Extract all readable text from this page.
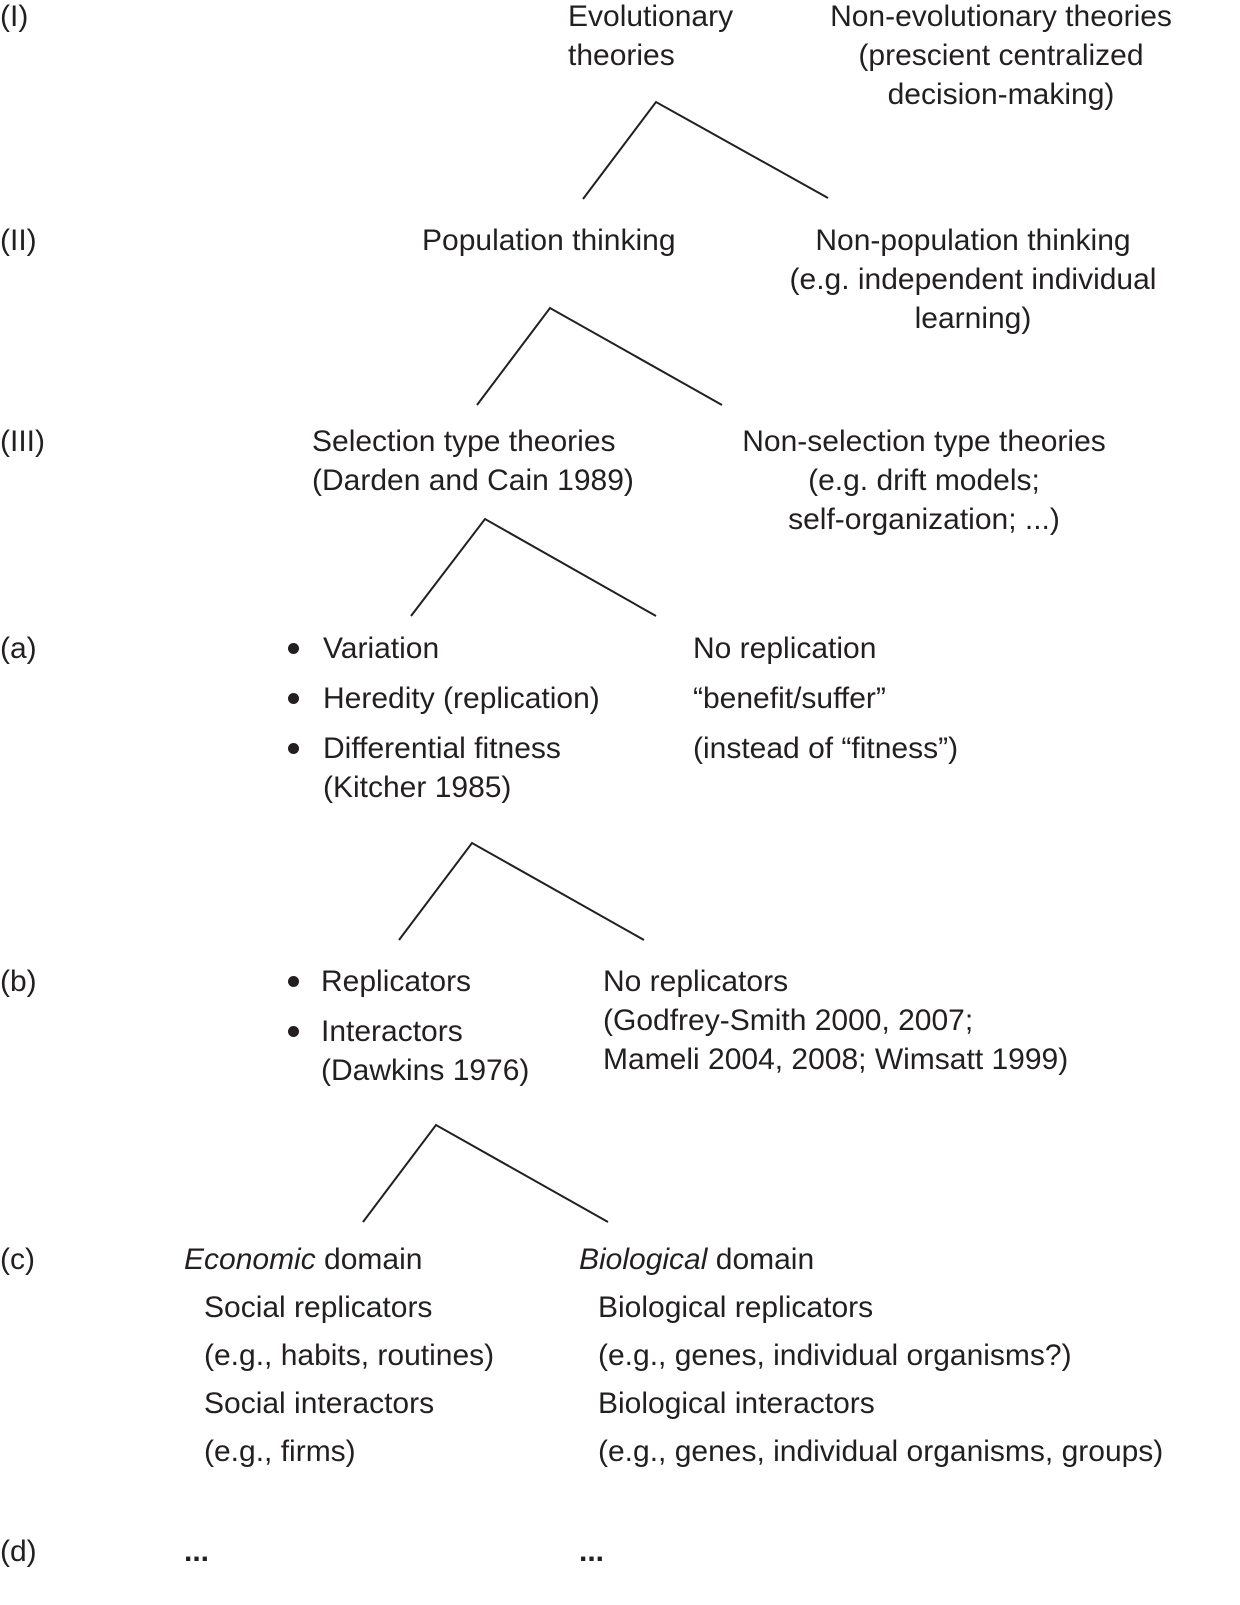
(I)
(II)
(III)
(a)
(b)
(c)
(d)
Evolutionary
theories
Non-evolutionary theories
(prescient centralized
decision-making)
Population thinking	Non-population thinking
(e.g. independent individual
learning)
Selection type theories
(Darden and Cain 1989)
Non-selection type theories
(e.g. drift models;
self-organization; ...)
Variation
Heredity (replication)
Differential fitness
(Kitcher 1985)
No replication
“benefit/suffer”
(instead of “fitness”)
Replicators
Interactors
(Dawkins 1976)
No replicators
(Godfrey-Smith 2000, 2007;
Mameli 2004, 2008; Wimsatt 1999)
Economic domain
Social replicators
(e.g., habits, routines)
Social interactors
(e.g., firms)
Biological domain
Biological replicators
(e.g., genes, individual organisms?)
Biological interactors
(e.g., genes, individual organisms, groups)
...	...
